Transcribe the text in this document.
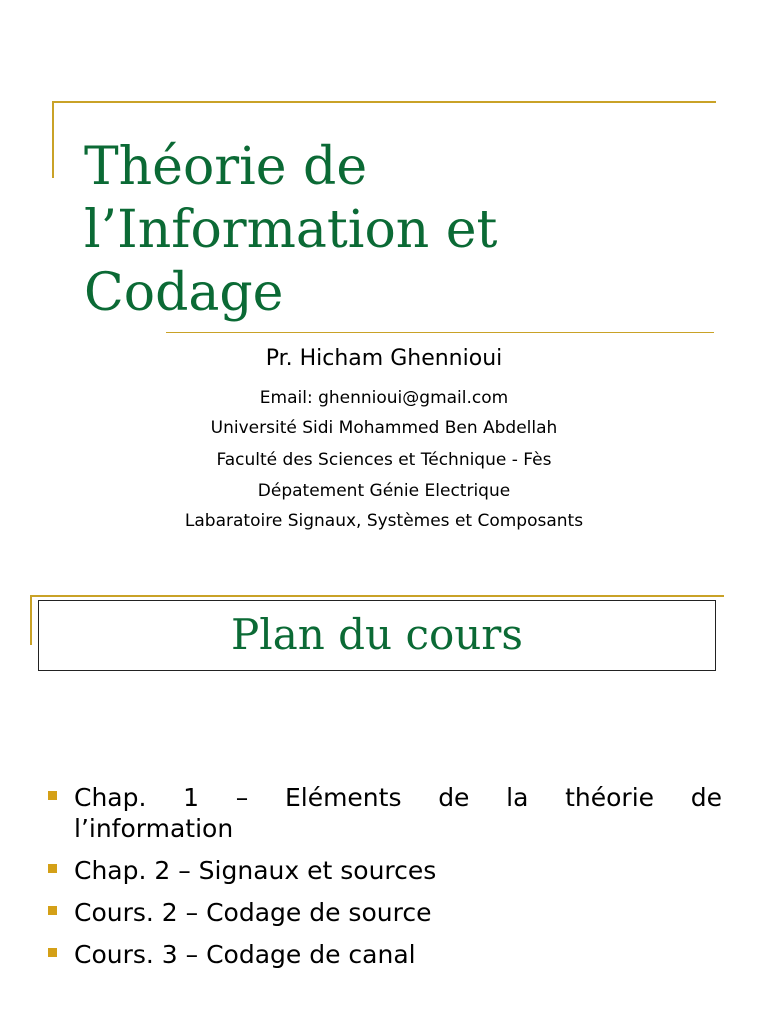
Théorie de
l’Information et
Codage
Pr. Hicham Ghennioui
Email: ghennioui@gmail.com
Université Sidi Mohammed Ben Abdellah
Faculté des Sciences et Téchnique - Fès
Dépatement Génie Electrique
Labaratoire Signaux, Systèmes et Composants
Plan du cours
Chap. 1 – Eléments de la théorie de
l’information
Chap. 2 – Signaux et sources
Cours. 2 – Codage de source
Cours. 3 – Codage de canal
